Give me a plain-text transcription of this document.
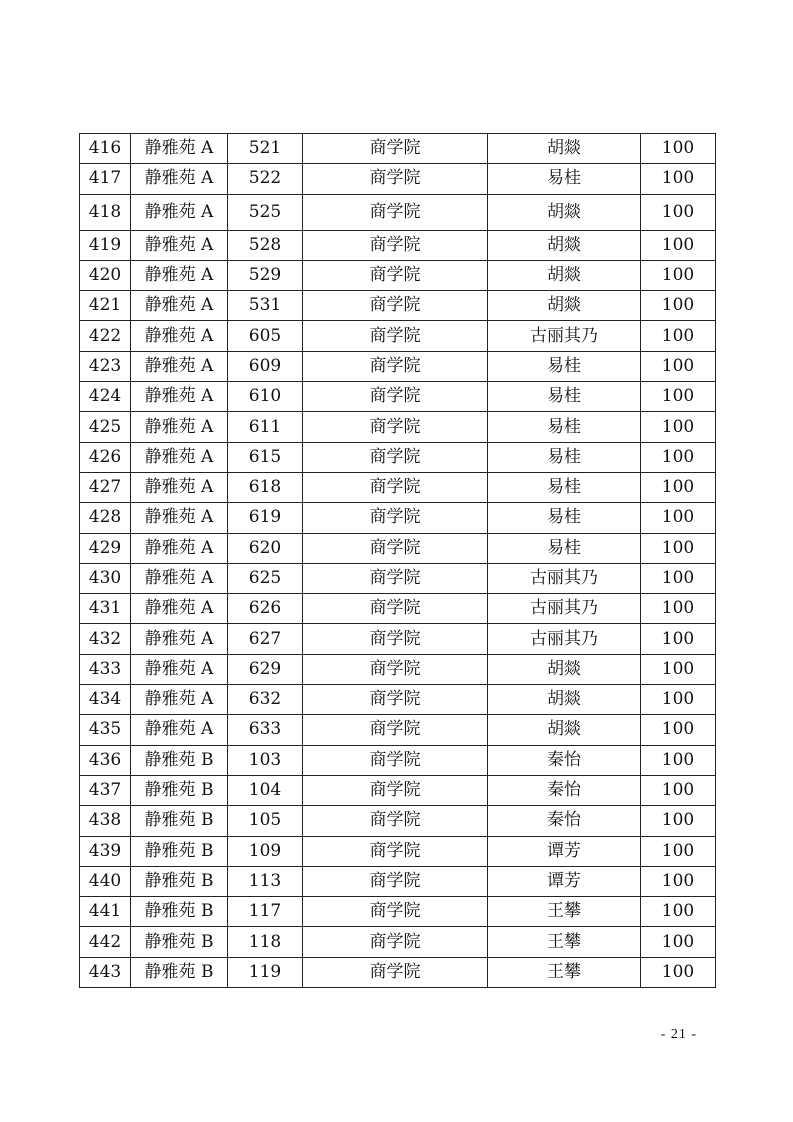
416	静雅苑 A	521	商学院	胡燚	100
417	静雅苑 A	522	商学院	易桂	100
418	静雅苑 A	525	商学院	胡燚	100
419	静雅苑 A	528	商学院	胡燚	100
420	静雅苑 A	529	商学院	胡燚	100
421	静雅苑 A	531	商学院	胡燚	100
422	静雅苑 A	605	商学院	古丽其乃	100
423	静雅苑 A	609	商学院	易桂	100
424	静雅苑 A	610	商学院	易桂	100
425	静雅苑 A	611	商学院	易桂	100
426	静雅苑 A	615	商学院	易桂	100
427	静雅苑 A	618	商学院	易桂	100
428	静雅苑 A	619	商学院	易桂	100
429	静雅苑 A	620	商学院	易桂	100
430	静雅苑 A	625	商学院	古丽其乃	100
431	静雅苑 A	626	商学院	古丽其乃	100
432	静雅苑 A	627	商学院	古丽其乃	100
433	静雅苑 A	629	商学院	胡燚	100
434	静雅苑 A	632	商学院	胡燚	100
435	静雅苑 A	633	商学院	胡燚	100
436	静雅苑 B	103	商学院	秦怡	100
437	静雅苑 B	104	商学院	秦怡	100
438	静雅苑 B	105	商学院	秦怡	100
439	静雅苑 B	109	商学院	谭芳	100
440	静雅苑 B	113	商学院	谭芳	100
441	静雅苑 B	117	商学院	王攀	100
442	静雅苑 B	118	商学院	王攀	100
443	静雅苑 B	119	商学院	王攀	100
- 21 -
